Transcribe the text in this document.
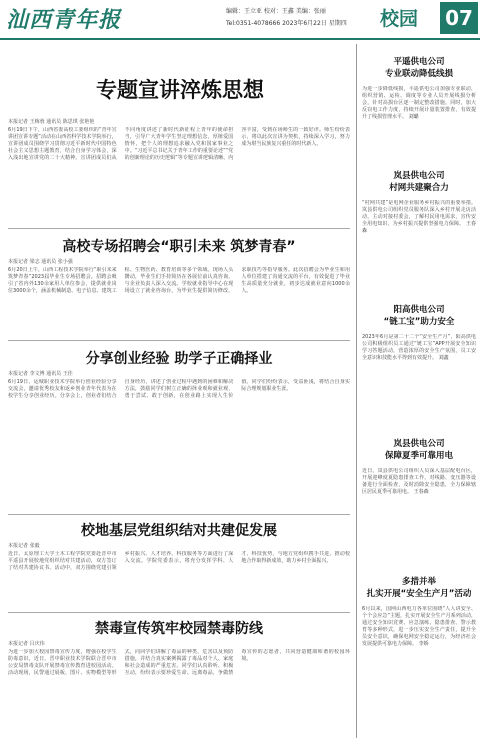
汕西青年报	编辑：王立亚 校对：王鑫 美编：张丽
Tel:0351-4078666 2023年6月22日 星期四 校园 07
专题宣讲淬炼思想
本报记者 王梅蓉 通讯员 陈思琪 张艳艳
6月19日下午，山西省委高校工委组织的“青年宣讲团宣讲专题”活动在山西省科学技术学院举行，宣讲团成员围绕学习贯彻习近平新时代中国特色社会主义思想主题教育，结合自身学习体会，深入浅出地宣讲党的二十大精神。宣讲团成员们从不同角度讲述了新时代新征程上青年的使命担当，引导广大青年学生坚定理想信念，厚植爱国情怀，把个人的理想追求融入党和国家事业之中。“习近平总书记关于青年工作的重要论述”“党的创新理论的历史逻辑”等专题宣讲逻辑清晰、内容丰富，受到在场师生的一致好评。师生纷纷表示，将以此次宣讲为契机，持续深入学习，努力成为堪当民族复兴重任的时代新人。
高校专场招聘会“职引未来 筑梦青春”
本报记者 梁志 通讯员 张小强
6月20日上午，山西工程技术学院举行“职引未来 筑梦青春”2023届毕业生专场招聘会。招聘会吸引了省内外130余家用人单位参会，提供就业岗位3000余个，涵盖机械制造、电子信息、建筑工程、生物医药、教育培训等多个领域。现场人头攒动，毕业生们手持简历在各展位前认真咨询，与企业负责人深入交流。学校就业指导中心在现场设立了就业咨询台，为毕业生提供简历修改、求职技巧等指导服务。此次招聘会为毕业生和用人单位搭建了沟通交流的平台，有效促进了毕业生高质量充分就业，初步达成就业意向1000余人。
分享创业经验 助学子正确择业
本报记者 李文博 通讯员 王佳
6月19日，运城职业技术学院举行创业经验分享交流会，邀请优秀校友和返乡创业青年代表为在校学生分享创业经历。分享会上，创业者们结合自身经历，讲述了创业过程中遇到的困难和解决方法，鼓励同学们树立正确的择业观和就业观，勇于尝试、敢于创新，在创业路上实现人生价值。同学们纷纷表示，受益匪浅，将结合自身实际合理规划职业生涯。
校地基层党组织结对共建促发展
本报记者 张毅
近日，太原理工大学土木工程学院党委赴晋中市平遥县开展校地党组织结对共建活动，双方签订了结对共建协议书。活动中，双方围绕党建引领乡村振兴、人才培养、科技服务等方面进行了深入交流。学院党委表示，将充分发挥学科、人才、科技优势，与地方党组织携手共进，推动校地合作取得新成效，助力乡村全面振兴。
禁毒宣传筑牢校园禁毒防线
本报记者 吕庆伟
为进一步加大校园禁毒宣传力度，增强在校学生防毒意识，近日，晋中职业技术学院联合晋中市公安局禁毒支队开展禁毒宣传教育进校园活动。活动现场，民警通过展板、图片、实物模型等形式，向同学们讲解了毒品的种类、危害以及预防措施，并结合真实案例揭露了毒品对个人、家庭和社会造成的严重危害。同学们认真聆听、积极互动，纷纷表示要珍爱生命、远离毒品，争做禁毒宣传的志愿者，共同营造健康和谐的校园环境。
平遥供电公司
专业联动降低线损
为进一步降低线损，平遥供电公司加强专业联动，组织营销、运检、调度等专业人员开展线损分析会，针对高损台区逐一制定整改措施。同时，加大反窃电工作力度，持续开展计量装置排查，有效提升了线损管理水平。 刘璐
岚县供电公司
村网共建聚合力
“村网共建”是电网企业服务乡村振兴的重要举措。岚县供电公司组织党员服务队深入乡村开展走访活动，主动对接村委会，了解村民用电需求，宣传安全用电知识，为乡村振兴提供坚强电力保障。 王春森
阳高供电公司
“链工宝”助力安全
2023年6月是第二十二个“安全生产月”，阳高供电公司积极组织员工通过“链工宝”APP开展安全知识学习答题活动，营造浓厚的安全生产氛围，员工安全意识和技能水平得到有效提升。 刘鑫
岚县供电公司
保障夏季可靠用电
近日，岚县供电公司组织人员深入基层配电台区，开展迎峰度夏隐患排查工作，对线路、变压器等设备进行全面检查，及时消除安全隐患，全力保障辖区居民夏季可靠用电。 王春森
多措并举
扎实开展“安全生产月”活动
6月以来，国网山西电力各单位围绕“人人讲安全、个个会应急”主题，扎实开展安全生产月系列活动，通过安全知识竞赛、应急演练、隐患排查、警示教育等多种形式，进一步压实安全生产责任，提升全员安全意识，确保电网安全稳定运行，为经济社会发展提供可靠电力保障。 李娇
